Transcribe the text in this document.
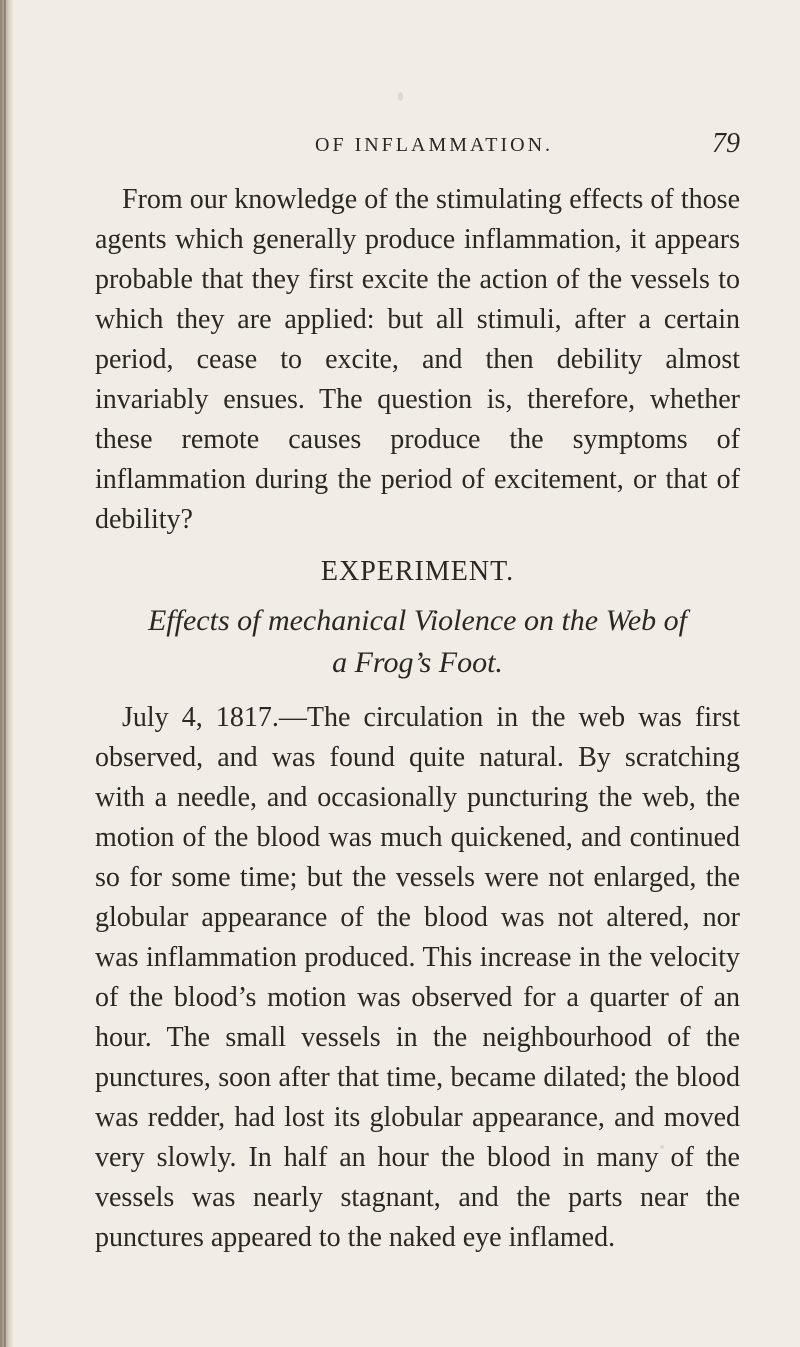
OF INFLAMMATION.	79

From our knowledge of the stimulating effects of those agents which generally produce inflammation, it appears probable that they first excite the action of the vessels to which they are applied: but all stimuli, after a certain period, cease to excite, and then debility almost invariably ensues. The question is, therefore, whether these remote causes produce the symptoms of inflammation during the period of excitement, or that of debility?

EXPERIMENT.
Effects of mechanical Violence on the Web of
a Frog’s Foot.

July 4, 1817.—The circulation in the web was first observed, and was found quite natural. By scratching with a needle, and occasionally puncturing the web, the motion of the blood was much quickened, and continued so for some time; but the vessels were not enlarged, the globular appearance of the blood was not altered, nor was inflammation produced. This increase in the velocity of the blood’s motion was observed for a quarter of an hour. The small vessels in the neighbourhood of the punctures, soon after that time, became dilated; the blood was redder, had lost its globular appearance, and moved very slowly. In half an hour the blood in many of the vessels was nearly stagnant, and the parts near the punctures appeared to the naked eye inflamed.
